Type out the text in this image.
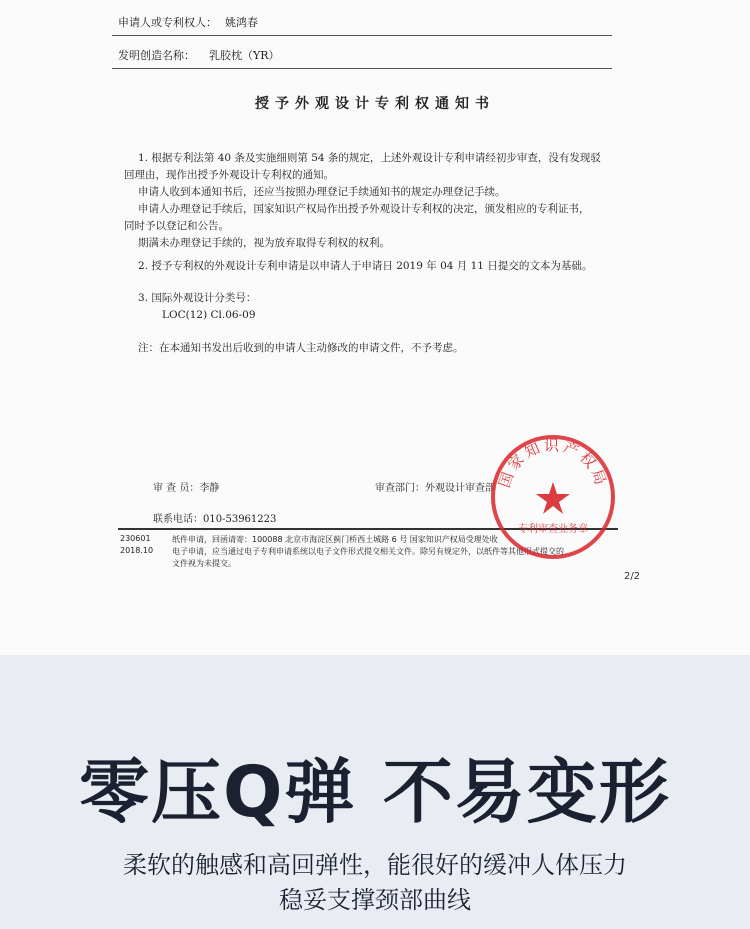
申请人或专利权人： 姚鸿春
发明创造名称： 乳胶枕（YR）
授予外观设计专利权通知书
1. 根据专利法第 40 条及实施细则第 54 条的规定，上述外观设计专利申请经初步审查，没有发现驳
回理由，现作出授予外观设计专利权的通知。
申请人收到本通知书后，还应当按照办理登记手续通知书的规定办理登记手续。
申请人办理登记手续后，国家知识产权局作出授予外观设计专利权的决定，颁发相应的专利证书，
同时予以登记和公告。
期满未办理登记手续的，视为放弃取得专利权的权利。
2. 授予专利权的外观设计专利申请是以申请人于申请日 2019 年 04 月 11 日提交的文本为基础。
3. 国际外观设计分类号：
LOC(12) Cl.06-09
注：在本通知书发出后收到的申请人主动修改的申请文件，不予考虑。
审 查 员：李静	审查部门：外观设计审查部
联系电话：010-53961223
230601
2018.10
纸件申请，回函请寄：100088 北京市海淀区蓟门桥西土城路 6 号 国家知识产权局受理处收
电子申请，应当通过电子专利申请系统以电子文件形式提交相关文件。除另有规定外，以纸件等其他形式提交的
文件视为未提交。
国家知识产权局
专利审查业务章
2/2
零压Q弹 不易变形
柔软的触感和高回弹性，能很好的缓冲人体压力
稳妥支撑颈部曲线
